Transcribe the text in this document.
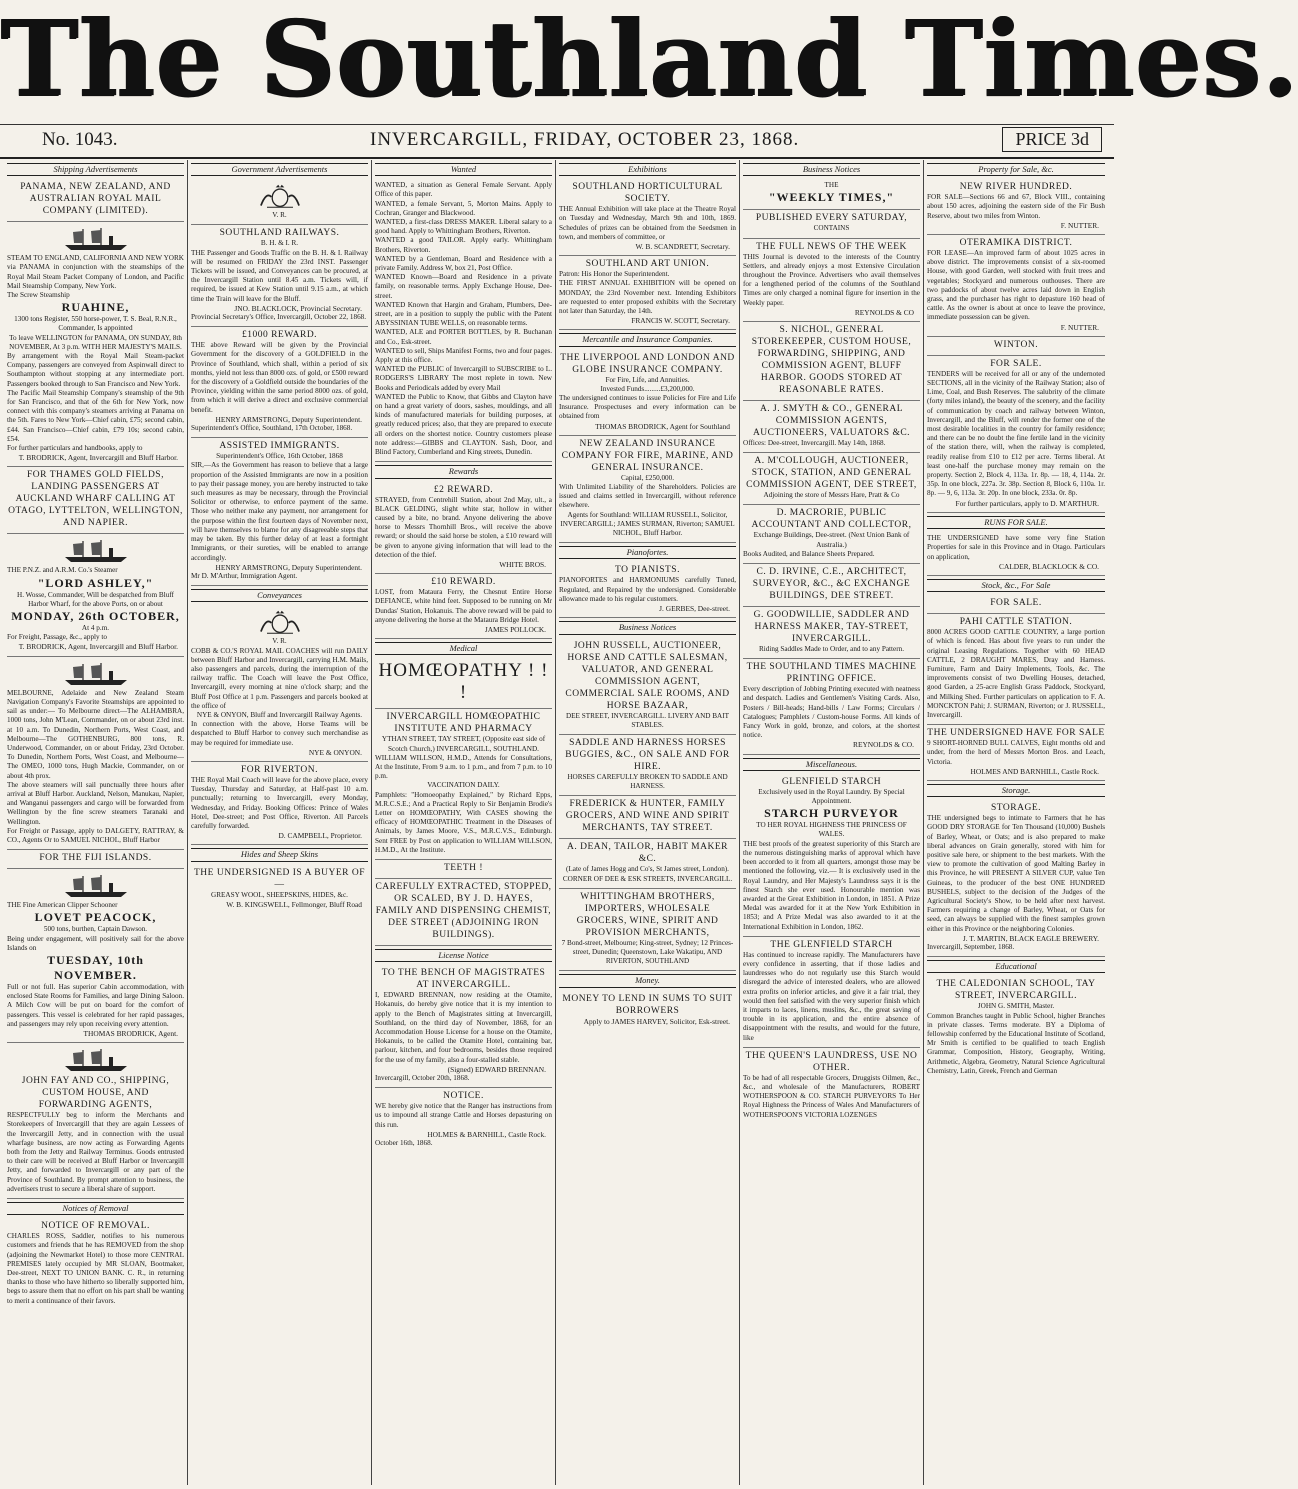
The Southland Times.
No. 1043.	INVERCARGILL, FRIDAY, OCTOBER 23, 1868.	PRICE 3d
Shipping Advertisements
PANAMA, NEW ZEALAND, AND AUSTRALIAN ROYAL MAIL COMPANY (LIMITED).
STEAM TO ENGLAND, CALIFORNIA AND NEW YORK via PANAMA in conjunction with the steamships of the Royal Mail Steam Packet Company of London, and Pacific Mail Steamship Company, New York.
The Screw Steamship
RUAHINE,
1300 tons Register, 550 horse-power, T. S. Beal, R.N.R., Commander, Is appointed
To leave WELLINGTON for PANAMA, ON SUNDAY, 8th NOVEMBER, At 3 p.m. WITH HER MAJESTY'S MAILS.
By arrangement with the Royal Mail Steam-packet Company, passengers are conveyed from Aspinwall direct to Southampton without stopping at any intermediate port. Passengers booked through to San Francisco and New York.
The Pacific Mail Steamship Company's steamship of the 9th for San Francisco, and that of the 6th for New York, now connect with this company's steamers arriving at Panama on the 5th. Fares to New York—Chief cabin, £75; second cabin, £44. San Francisco—Chief cabin, £79 10s; second cabin, £54.
For further particulars and handbooks, apply to
T. BRODRICK, Agent, Invercargill and Bluff Harbor.
FOR THAMES GOLD FIELDS, LANDING PASSENGERS AT AUCKLAND WHARF CALLING AT OTAGO, LYTTELTON, WELLINGTON, AND NAPIER.
THE P.N.Z. and A.R.M. Co.'s Steamer
"LORD ASHLEY,"
H. Wosse, Commander, Will be despatched from Bluff Harbor Wharf, for the above Ports, on or about
MONDAY, 26th OCTOBER,
At 4 p.m.
For Freight, Passage, &c., apply to
T. BRODRICK, Agent, Invercargill and Bluff Harbor.
MELBOURNE, Adelaide and New Zealand Steam Navigation Company's Favorite Steamships are appointed to sail as under:— To Melbourne direct—The ALHAMBRA, 1000 tons, John M'Lean, Commander, on or about 23rd inst. at 10 a.m. To Dunedin, Northern Ports, West Coast, and Melbourne—The GOTHENBURG, 800 tons, R. Underwood, Commander, on or about Friday, 23rd October. To Dunedin, Northern Ports, West Coast, and Melbourne—The OMEO, 1000 tons, Hugh Mackie, Commander, on or about 4th prox.
The above steamers will sail punctually three hours after arrival at Bluff Harbor. Auckland, Nelson, Manukau, Napier, and Wanganui passengers and cargo will be forwarded from Wellington by the fine screw steamers Taranaki and Wellington.
For Freight or Passage, apply to DALGETY, RATTRAY, & CO., Agents Or to SAMUEL NICHOL, Bluff Harbor
FOR THE FIJI ISLANDS.
THE Fine American Clipper Schooner
LOVET PEACOCK,
500 tons, burthen, Captain Dawson.
Being under engagement, will positively sail for the above Islands on
TUESDAY, 10th NOVEMBER.
Full or not full. Has superior Cabin accommodation, with enclosed State Rooms for Families, and large Dining Saloon. A Milch Cow will be put on board for the comfort of passengers. This vessel is celebrated for her rapid passages, and passengers may rely upon receiving every attention.
THOMAS BRODRICK, Agent.
JOHN FAY AND CO., SHIPPING, CUSTOM HOUSE, AND FORWARDING AGENTS,
RESPECTFULLY beg to inform the Merchants and Storekeepers of Invercargill that they are again Lessees of the Invercargill Jetty, and in connection with the usual wharfage business, are now acting as Forwarding Agents both from the Jetty and Railway Terminus. Goods entrusted to their care will be received at Bluff Harbor or Invercargill Jetty, and forwarded to Invercargill or any part of the Province of Southland. By prompt attention to business, the advertisers trust to secure a liberal share of support.
Notices of Removal
NOTICE OF REMOVAL.
CHARLES ROSS, Saddler, notifies to his numerous customers and friends that he has REMOVED from the shop (adjoining the Newmarket Hotel) to those more CENTRAL PREMISES lately occupied by MR SLOAN, Bootmaker, Dee-street, NEXT TO UNION BANK. C. R., in returning thanks to those who have hitherto so liberally supported him, begs to assure them that no effort on his part shall be wanting to merit a continuance of their favors.
Government Advertisements
V. R.
SOUTHLAND RAILWAYS.
B. H. & I. R.
THE Passenger and Goods Traffic on the B. H. & I. Railway will be resumed on FRIDAY the 23rd INST. Passenger Tickets will be issued, and Conveyances can be procured, at the Invercargill Station until 8.45 a.m. Tickets will, if required, be issued at Kew Station until 9.15 a.m., at which time the Train will leave for the Bluff.
JNO. BLACKLOCK, Provincial Secretary.
Provincial Secretary's Office, Invercargill, October 22, 1868.
£1000 REWARD.
THE above Reward will be given by the Provincial Government for the discovery of a GOLDFIELD in the Province of Southland, which shall, within a period of six months, yield not less than 8000 ozs. of gold, or £500 reward for the discovery of a Goldfield outside the boundaries of the Province, yielding within the same period 8000 ozs. of gold, from which it will derive a direct and exclusive commercial benefit.
HENRY ARMSTRONG, Deputy Superintendent.
Superintendent's Office, Southland, 17th October, 1868.
ASSISTED IMMIGRANTS.
Superintendent's Office, 16th October, 1868
SIR,—As the Government has reason to believe that a large proportion of the Assisted Immigrants are now in a position to pay their passage money, you are hereby instructed to take such measures as may be necessary, through the Provincial Solicitor or otherwise, to enforce payment of the same. Those who neither make any payment, nor arrangement for the purpose within the first fourteen days of November next, will have themselves to blame for any disagreeable steps that may be taken. By this further delay of at least a fortnight Immigrants, or their sureties, will be enabled to arrange accordingly.
HENRY ARMSTRONG, Deputy Superintendent.
Mr D. M'Arthur, Immigration Agent.
Conveyances
V. R.
COBB & CO.'S ROYAL MAIL COACHES will run DAILY between Bluff Harbor and Invercargill, carrying H.M. Mails, also passengers and parcels, during the interruption of the railway traffic. The Coach will leave the Post Office, Invercargill, every morning at nine o'clock sharp; and the Bluff Post Office at 1 p.m. Passengers and parcels booked at the office of
NYE & ONYON, Bluff and Invercargill Railway Agents.
In connection with the above, Horse Teams will be despatched to Bluff Harbor to convey such merchandise as may be required for immediate use.
NYE & ONYON.
FOR RIVERTON.
THE Royal Mail Coach will leave for the above place, every Tuesday, Thursday and Saturday, at Half-past 10 a.m. punctually; returning to Invercargill, every Monday, Wednesday, and Friday. Booking Offices: Prince of Wales Hotel, Dee-street; and Post Office, Riverton. All Parcels carefully forwarded.
D. CAMPBELL, Proprietor.
Hides and Sheep Skins
THE UNDERSIGNED IS A BUYER OF—
GREASY WOOL, SHEEPSKINS, HIDES, &c.
W. B. KINGSWELL, Fellmonger, Bluff Road
Wanted
WANTED, a situation as General Female Servant. Apply Office of this paper.
WANTED, a female Servant, 5, Morton Mains. Apply to Cochran, Granger and Blackwood.
WANTED, a first-class DRESS MAKER. Liberal salary to a good hand. Apply to Whittingham Brothers, Riverton.
WANTED a good TAILOR. Apply early. Whittingham Brothers, Riverton.
WANTED by a Gentleman, Board and Residence with a private Family. Address W, box 21, Post Office.
WANTED Known—Board and Residence in a private family, on reasonable terms. Apply Exchange House, Dee-street.
WANTED Known that Hargin and Graham, Plumbers, Dee-street, are in a position to supply the public with the Patent ABYSSINIAN TUBE WELLS, on reasonable terms.
WANTED, ALE and PORTER BOTTLES, by R. Buchanan and Co., Esk-street.
WANTED to sell, Ships Manifest Forms, two and four pages. Apply at this office.
WANTED the PUBLIC of Invercargill to SUBSCRIBE to L. RODGERS'S LIBRARY The most replete in town. New Books and Periodicals added by every Mail
WANTED the Public to Know, that Gibbs and Clayton have on hand a great variety of doors, sashes, mouldings, and all kinds of manufactured materials for building purposes, at greatly reduced prices; also, that they are prepared to execute all orders on the shortest notice. Country customers please note address:—GIBBS and CLAYTON. Sash, Door, and Blind Factory, Cumberland and King streets, Dunedin.
Rewards
£2 REWARD.
STRAYED, from Centrehill Station, about 2nd May, ult., a BLACK GELDING, slight white star, hollow in wither caused by a bite, no brand. Anyone delivering the above horse to Messrs Thornhill Bros., will receive the above reward; or should the said horse be stolen, a £10 reward will be given to anyone giving information that will lead to the detection of the thief.
WHITE BROS.
£10 REWARD.
LOST, from Mataura Ferry, the Chesnut Entire Horse DEFIANCE, white hind feet. Supposed to be running on Mr Dundas' Station, Hokanuis. The above reward will be paid to anyone delivering the horse at the Mataura Bridge Hotel.
JAMES POLLOCK.
Medical
HOMŒOPATHY ! ! !
INVERCARGILL HOMŒOPATHIC INSTITUTE AND PHARMACY
YTHAN STREET, TAY STREET, (Opposite east side of Scotch Church,) INVERCARGILL, SOUTHLAND.
WILLIAM WILLSON, H.M.D., Attends for Consultations, At the Institute, From 9 a.m. to 1 p.m., and from 7 p.m. to 10 p.m.
VACCINATION DAILY.
Pamphlets: "Homoeopathy Explained," by Richard Epps, M.R.C.S.E.; And a Practical Reply to Sir Benjamin Brodie's Letter on HOMŒOPATHY, With CASES showing the efficacy of HOMŒOPATHIC Treatment in the Diseases of Animals, by James Moore, V.S., M.R.C.V.S., Edinburgh. Sent FREE by Post on application to WILLIAM WILLSON, H.M.D., At the Institute.
TEETH !
CAREFULLY EXTRACTED, STOPPED, OR SCALED, BY J. D. HAYES, FAMILY AND DISPENSING CHEMIST, DEE STREET (ADJOINING IRON BUILDINGS).
License Notice
TO THE BENCH OF MAGISTRATES AT INVERCARGILL.
I, EDWARD BRENNAN, now residing at the Otamite, Hokanuis, do hereby give notice that it is my intention to apply to the Bench of Magistrates sitting at Invercargill, Southland, on the third day of November, 1868, for an Accommodation House License for a house on the Otamite, Hokanuis, to be called the Otamite Hotel, containing bar, parlour, kitchen, and four bedrooms, besides those required for the use of my family, also a four-stalled stable.
(Signed) EDWARD BRENNAN.
Invercargill, October 20th, 1868.
NOTICE.
WE hereby give notice that the Ranger has instructions from us to impound all strange Cattle and Horses depasturing on this run.
HOLMES & BARNHILL, Castle Rock.
October 16th, 1868.
Exhibitions
SOUTHLAND HORTICULTURAL SOCIETY.
THE Annual Exhibition will take place at the Theatre Royal on Tuesday and Wednesday, March 9th and 10th, 1869. Schedules of prizes can be obtained from the Seedsmen in town, and members of committee, or
W. B. SCANDRETT, Secretary.
SOUTHLAND ART UNION.
Patron: His Honor the Superintendent.
THE FIRST ANNUAL EXHIBITION will be opened on MONDAY, the 23rd November next. Intending Exhibitors are requested to enter proposed exhibits with the Secretary not later than Saturday, the 14th.
FRANCIS W. SCOTT, Secretary.
Mercantile and Insurance Companies.
THE LIVERPOOL AND LONDON AND GLOBE INSURANCE COMPANY.
For Fire, Life, and Annuities.
Invested Funds.........£3,200,000.
The undersigned continues to issue Policies for Fire and Life Insurance. Prospectuses and every information can be obtained from
THOMAS BRODRICK, Agent for Southland
NEW ZEALAND INSURANCE COMPANY FOR FIRE, MARINE, AND GENERAL INSURANCE.
Capital, £250,000.
With Unlimited Liability of the Shareholders. Policies are issued and claims settled in Invercargill, without reference elsewhere.
Agents for Southland: WILLIAM RUSSELL, Solicitor, INVERCARGILL; JAMES SURMAN, Riverton; SAMUEL NICHOL, Bluff Harbor.
Pianofortes.
TO PIANISTS.
PIANOFORTES and HARMONIUMS carefully Tuned, Regulated, and Repaired by the undersigned. Considerable allowance made to his regular customers.
J. GERBES, Dee-street.
Business Notices
JOHN RUSSELL, AUCTIONEER, HORSE AND CATTLE SALESMAN, VALUATOR, AND GENERAL COMMISSION AGENT, COMMERCIAL SALE ROOMS, AND HORSE BAZAAR,
DEE STREET, INVERCARGILL. LIVERY AND BAIT STABLES.
SADDLE AND HARNESS HORSES BUGGIES, &C., ON SALE AND FOR HIRE.
HORSES CAREFULLY BROKEN TO SADDLE AND HARNESS.
FREDERICK & HUNTER, FAMILY GROCERS, AND WINE AND SPIRIT MERCHANTS, TAY STREET.
A. DEAN, TAILOR, HABIT MAKER &C.
(Late of James Hogg and Co's, St James street, London). CORNER OF DEE & ESK STREETS, INVERCARGILL.
WHITTINGHAM BROTHERS, IMPORTERS, WHOLESALE GROCERS, WINE, SPIRIT AND PROVISION MERCHANTS,
7 Bond-street, Melbourne; King-street, Sydney; 12 Princes-street, Dunedin; Queenstown, Lake Wakatipu, AND RIVERTON, SOUTHLAND
Money.
MONEY TO LEND IN SUMS TO SUIT BORROWERS
Apply to JAMES HARVEY, Solicitor, Esk-street.
Business Notices
THE
"WEEKLY TIMES,"
PUBLISHED EVERY SATURDAY,
CONTAINS
THE FULL NEWS OF THE WEEK
THIS Journal is devoted to the interests of the Country Settlers, and already enjoys a most Extensive Circulation throughout the Province. Advertisers who avail themselves for a lengthened period of the columns of the Southland Times are only charged a nominal figure for insertion in the Weekly paper.
REYNOLDS & CO
S. NICHOL, GENERAL STOREKEEPER, CUSTOM HOUSE, FORWARDING, SHIPPING, AND COMMISSION AGENT, BLUFF HARBOR. GOODS STORED AT REASONABLE RATES.
A. J. SMYTH & CO., GENERAL COMMISSION AGENTS, AUCTIONEERS, VALUATORS &C.
Offices: Dee-street, Invercargill. May 14th, 1868.
A. M'COLLOUGH, AUCTIONEER, STOCK, STATION, AND GENERAL COMMISSION AGENT, DEE STREET,
Adjoining the store of Messrs Hare, Pratt & Co
D. MACRORIE, PUBLIC ACCOUNTANT AND COLLECTOR,
Exchange Buildings, Dee-street. (Next Union Bank of Australia.)
Books Audited, and Balance Sheets Prepared.
C. D. IRVINE, C.E., ARCHITECT, SURVEYOR, &C., &C EXCHANGE BUILDINGS, DEE STREET.
G. GOODWILLIE, SADDLER AND HARNESS MAKER, TAY-STREET, INVERCARGILL.
Riding Saddles Made to Order, and to any Pattern.
THE SOUTHLAND TIMES MACHINE PRINTING OFFICE.
Every description of Jobbing Printing executed with neatness and despatch. Ladies and Gentlemen's Visiting Cards. Also, Posters / Bill-heads; Hand-bills / Law Forms; Circulars / Catalogues; Pamphlets / Custom-house Forms. All kinds of Fancy Work in gold, bronze, and colors, at the shortest notice.
REYNOLDS & CO.
Miscellaneous.
GLENFIELD STARCH
Exclusively used in the Royal Laundry. By Special Appointment.
STARCH PURVEYOR
TO HER ROYAL HIGHNESS THE PRINCESS OF WALES.
THE best proofs of the greatest superiority of this Starch are the numerous distinguishing marks of approval which have been accorded to it from all quarters, amongst those may be mentioned the following, viz.— It is exclusively used in the Royal Laundry, and Her Majesty's Laundress says it is the finest Starch she ever used. Honourable mention was awarded at the Great Exhibition in London, in 1851. A Prize Medal was awarded for it at the New York Exhibition in 1853; and A Prize Medal was also awarded to it at the International Exhibition in London, 1862.
THE GLENFIELD STARCH
Has continued to increase rapidly. The Manufacturers have every confidence in asserting, that if those ladies and laundresses who do not regularly use this Starch would disregard the advice of interested dealers, who are allowed extra profits on inferior articles, and give it a fair trial, they would then feel satisfied with the very superior finish which it imparts to laces, linens, muslins, &c., the great saving of trouble in its application, and the entire absence of disappointment with the results, and would for the future, like
THE QUEEN'S LAUNDRESS, USE NO OTHER.
To be had of all respectable Grocers, Druggists Oilmen, &c., &c., and wholesale of the Manufacturers, ROBERT WOTHERSPOON & CO. STARCH PURVEYORS To Her Royal Highness the Princess of Wales And Manufacturers of WOTHERSPOON'S VICTORIA LOZENGES
Property for Sale, &c.
NEW RIVER HUNDRED.
FOR SALE—Sections 66 and 67, Block VIII., containing about 150 acres, adjoining the eastern side of the Fir Bush Reserve, about two miles from Winton.
F. NUTTER.
OTERAMIKA DISTRICT.
FOR LEASE—An improved farm of about 1025 acres in above district. The improvements consist of a six-roomed House, with good Garden, well stocked with fruit trees and vegetables; Stockyard and numerous outhouses. There are two paddocks of about twelve acres laid down in English grass, and the purchaser has right to depasture 160 head of cattle. As the owner is about at once to leave the province, immediate possession can be given.
F. NUTTER.
WINTON.
FOR SALE.
TENDERS will be received for all or any of the undernoted SECTIONS, all in the vicinity of the Railway Station; also of Lime, Coal, and Bush Reserves. The salubrity of the climate (forty miles inland), the beauty of the scenery, and the facility of communication by coach and railway between Winton, Invercargill, and the Bluff, will render the former one of the most desirable localities in the country for family residence; and there can be no doubt the fine fertile land in the vicinity of the station there, will, when the railway is completed, readily realise from £10 to £12 per acre. Terms liberal. At least one-half the purchase money may remain on the property. Section 2, Block 4, 113a. 1r. 8p. — 18, 4, 114a. 2r. 35p. In one block, 227a. 3r. 38p. Section 8, Block 6, 110a. 1r. 8p. — 9, 6, 113a. 3r. 20p. In one block, 233a. 0r. 8p.
For further particulars, apply to D. M'ARTHUR.
RUNS FOR SALE.
THE UNDERSIGNED have some very fine Station Properties for sale in this Province and in Otago. Particulars on application,
CALDER, BLACKLOCK & CO.
Stock, &c., For Sale
FOR SALE.
PAHI CATTLE STATION.
8000 ACRES GOOD CATTLE COUNTRY, a large portion of which is fenced. Has about five years to run under the original Leasing Regulations. Together with 60 HEAD CATTLE, 2 DRAUGHT MARES, Dray and Harness. Furniture, Farm and Dairy Implements, Tools, &c. The improvements consist of two Dwelling Houses, detached, good Garden, a 25-acre English Grass Paddock, Stockyard, and Milking Shed. Further particulars on application to F. A. MONCKTON Pahi; J. SURMAN, Riverton; or J. RUSSELL, Invercargill.
THE UNDERSIGNED HAVE FOR SALE
9 SHORT-HORNED BULL CALVES, Eight months old and under, from the herd of Messrs Morton Bros. and Leach, Victoria.
HOLMES AND BARNHILL, Castle Rock.
Storage.
STORAGE.
THE undersigned begs to intimate to Farmers that he has GOOD DRY STORAGE for Ten Thousand (10,000) Bushels of Barley, Wheat, or Oats; and is also prepared to make liberal advances on Grain generally, stored with him for positive sale here, or shipment to the best markets. With the view to promote the cultivation of good Malting Barley in this Province, he will PRESENT A SILVER CUP, value Ten Guineas, to the producer of the best ONE HUNDRED BUSHELS, subject to the decision of the Judges of the Agricultural Society's Show, to be held after next harvest. Farmers requiring a change of Barley, Wheat, or Oats for seed, can always be supplied with the finest samples grown either in this Province or the neighboring Colonies.
J. T. MARTIN, BLACK EAGLE BREWERY.
Invercargill, September, 1868.
Educational
THE CALEDONIAN SCHOOL, TAY STREET, INVERCARGILL.
JOHN G. SMITH, Master.
Common Branches taught in Public School, higher Branches in private classes. Terms moderate. BY a Diploma of fellowship conferred by the Educational Institute of Scotland, Mr Smith is certified to be qualified to teach English Grammar, Composition, History, Geography, Writing, Arithmetic, Algebra, Geometry, Natural Science Agricultural Chemistry, Latin, Greek, French and German
